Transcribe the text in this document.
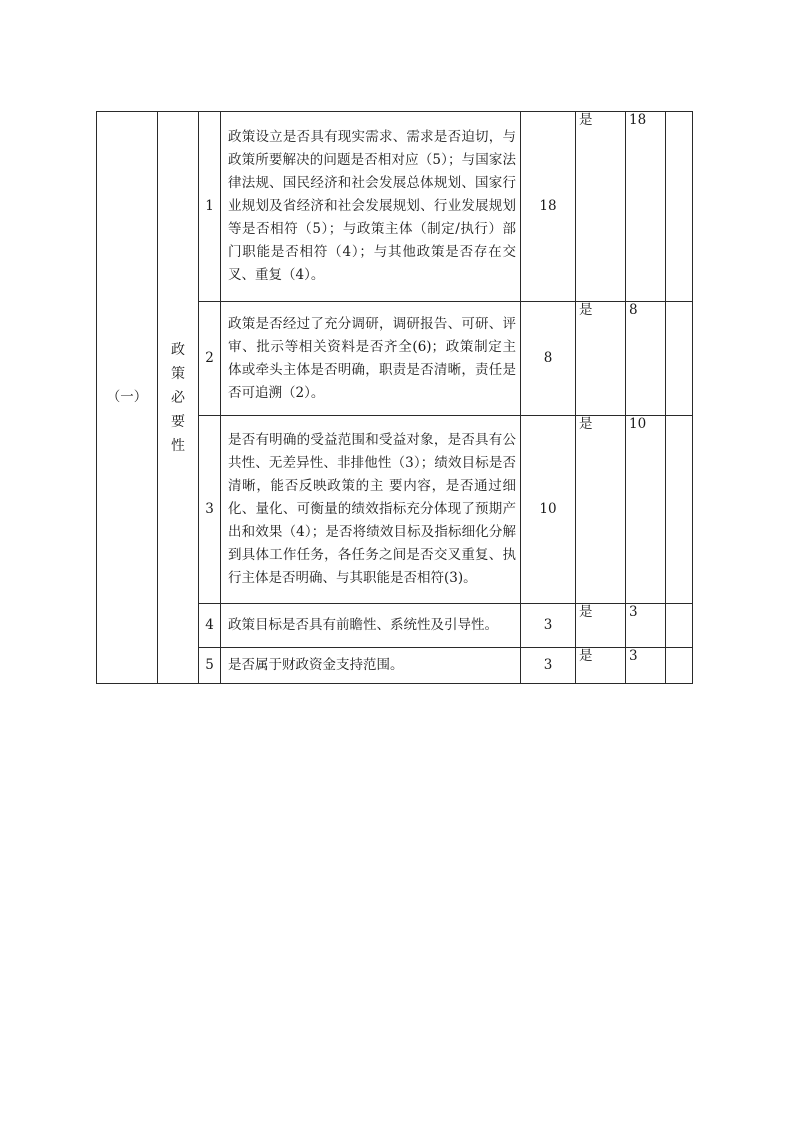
（一）	政
策
必
要
性	1	政策设立是否具有现实需求、需求是否迫切，与政策所要解决的问题是否相对应（5）；与国家法律法规、国民经济和社会发展总体规划、国家行业规划及省经济和社会发展规划、行业发展规划等是否相符（5）；与政策主体（制定/执行）部门职能是否相符（4）；与其他政策是否存在交叉、重复（4）。	18	是	18	

		2	政策是否经过了充分调研，调研报告、可研、评审、批示等相关资料是否齐全(6)；政策制定主体或牵头主体是否明确，职责是否清晰，责任是否可追溯（2）。	8	是	8	

		3	是否有明确的受益范围和受益对象，是否具有公共性、无差异性、非排他性（3）；绩效目标是否清晰，能否反映政策的主 要内容，是否通过细化、量化、可衡量的绩效指标充分体现了预期产出和效果（4）；是否将绩效目标及指标细化分解到具体工作任务，各任务之间是否交叉重复、执行主体是否明确、与其职能是否相符(3)。	10	是	10	

		4	政策目标是否具有前瞻性、系统性及引导性。	3	是	3	

		5	是否属于财政资金支持范围。	3	是	3	
